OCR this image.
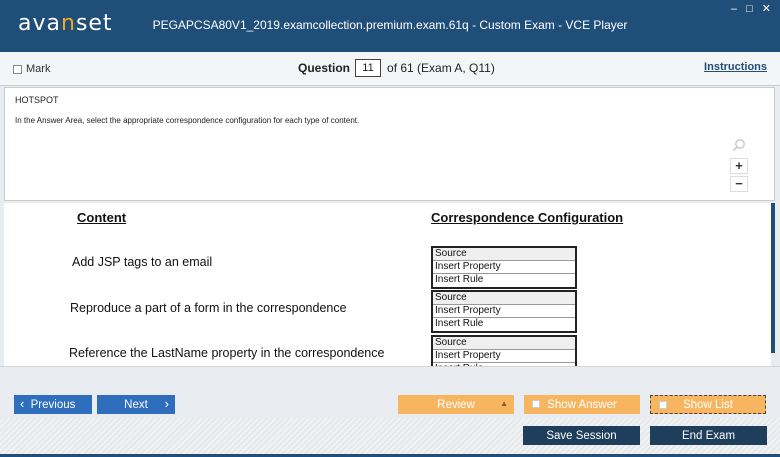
avanset	PEGAPCSA80V1_2019.examcollection.premium.exam.61q - Custom Exam - VCE Player
– □ ✕
Mark	Question	11	of 61 (Exam A, Q11)	Instructions
HOTSPOT
In the Answer Area, select the appropriate correspondence configuration for each type of content.
+
−
Content	Correspondence Configuration
Add JSP tags to an email
Source
Insert Property
Insert Rule
Reproduce a part of a form in the correspondence
Source
Insert Property
Insert Rule
Reference the LastName property in the correspondence
Source
Insert Property
‹ Previous	Next ›	Review	▲	Show Answer	Show List
Save Session	End Exam
